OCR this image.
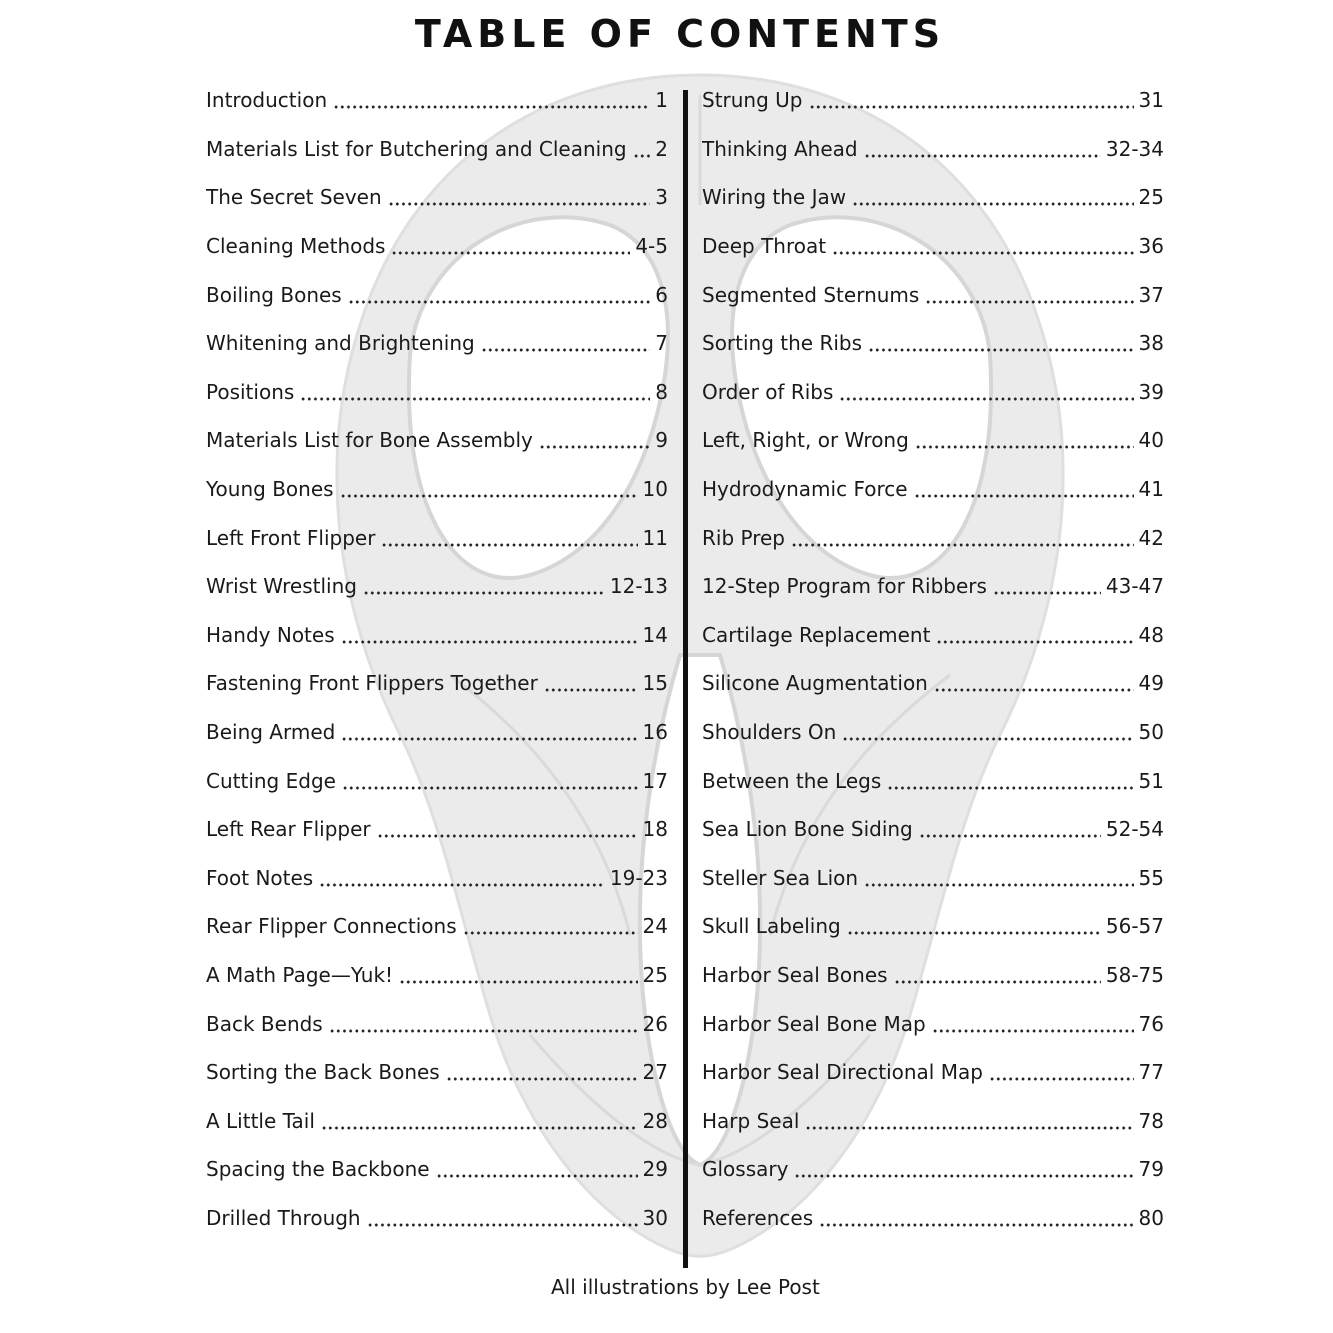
TABLE OF CONTENTS
Introduction	1
Materials List for Butchering and Cleaning 2
The Secret Seven	3
Cleaning Methods	4-5
Boiling Bones	6
Whitening and Brightening	7
Positions	8
Materials List for Bone Assembly	9
Young Bones	10
Left Front Flipper	11
Wrist Wrestling	12-13
Handy Notes	14
Fastening Front Flippers Together	15
Being Armed	16
Cutting Edge	17
Left Rear Flipper	18
Foot Notes	19-23
Rear Flipper Connections	24
A Math Page—Yuk!	25
Back Bends	26
Sorting the Back Bones	27
A Little Tail	28
Spacing the Backbone	29
Drilled Through	30
Strung Up	31
Thinking Ahead	32-34
Wiring the Jaw	25
Deep Throat	36
Segmented Sternums	37
Sorting the Ribs	38
Order of Ribs	39
Left, Right, or Wrong	40
Hydrodynamic Force	41
Rib Prep	42
12-Step Program for Ribbers	43-47
Cartilage Replacement	48
Silicone Augmentation	49
Shoulders On	50
Between the Legs	51
Sea Lion Bone Siding	52-54
Steller Sea Lion	55
Skull Labeling	56-57
Harbor Seal Bones	58-75
Harbor Seal Bone Map	76
Harbor Seal Directional Map	77
Harp Seal	78
Glossary	79
References	80
All illustrations by Lee Post
